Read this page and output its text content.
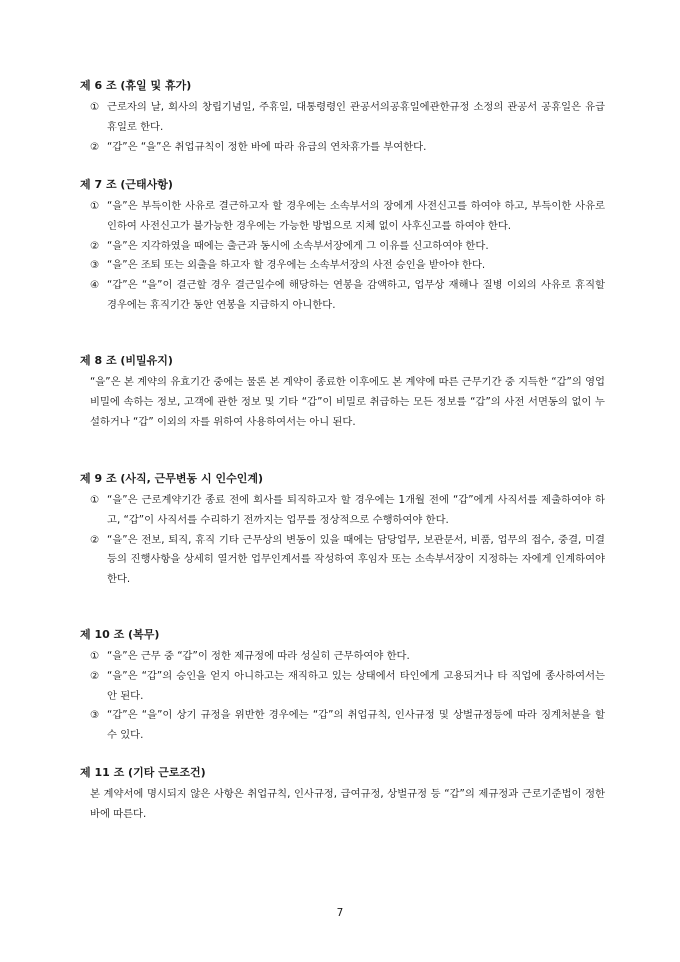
제 6 조 (휴일 및 휴가)
① 근로자의 날, 회사의 창립기념일, 주휴일, 대통령령인 관공서의공휴일에관한규정 소정의 관공서 공휴일은 유급휴일로 한다.
② “갑”은 “을”은 취업규칙이 정한 바에 따라 유급의 연차휴가를 부여한다.
제 7 조 (근태사항)
① “을”은 부득이한 사유로 결근하고자 할 경우에는 소속부서의 장에게 사전신고를 하여야 하고, 부득이한 사유로 인하여 사전신고가 불가능한 경우에는 가능한 방법으로 지체 없이 사후신고를 하여야 한다.
② “을”은 지각하였을 때에는 출근과 동시에 소속부서장에게 그 이유를 신고하여야 한다.
③ “을”은 조퇴 또는 외출을 하고자 할 경우에는 소속부서장의 사전 승인을 받아야 한다.
④ “갑”은 “을”이 결근할 경우 결근일수에 해당하는 연봉을 감액하고, 업무상 재해나 질병 이외의 사유로 휴직할 경우에는 휴직기간 동안 연봉을 지급하지 아니한다.
제 8 조 (비밀유지)
“을”은 본 계약의 유효기간 중에는 물론 본 계약이 종료한 이후에도 본 계약에 따른 근무기간 중 지득한 “갑”의 영업비밀에 속하는 정보, 고객에 관한 정보 및 기타 “갑”이 비밀로 취급하는 모든 정보를 “갑”의 사전 서면동의 없이 누설하거나 “갑” 이외의 자를 위하여 사용하여서는 아니 된다.
제 9 조 (사직, 근무변동 시 인수인계)
① “을”은 근로계약기간 종료 전에 회사를 퇴직하고자 할 경우에는 1개월 전에 “갑”에게 사직서를 제출하여야 하고, “갑”이 사직서를 수리하기 전까지는 업무를 정상적으로 수행하여야 한다.
② “을”은 전보, 퇴직, 휴직 기타 근무상의 변동이 있을 때에는 담당업무, 보관문서, 비품, 업무의 접수, 중결, 미결 등의 진행사항을 상세히 열거한 업무인계서를 작성하여 후임자 또는 소속부서장이 지정하는 자에게 인계하여야 한다.
제 10 조 (복무)
① “을”은 근무 중 “갑”이 정한 제규정에 따라 성실히 근무하여야 한다.
② “을”은 “갑”의 승인을 얻지 아니하고는 재직하고 있는 상태에서 타인에게 고용되거나 타 직업에 종사하여서는 안 된다.
③ “갑”은 “을”이 상기 규정을 위반한 경우에는 “갑”의 취업규칙, 인사규정 및 상벌규정등에 따라 징계처분을 할 수 있다.
제 11 조 (기타 근로조건)
본 계약서에 명시되지 않은 사항은 취업규칙, 인사규정, 급여규정, 상벌규정 등 “갑”의 제규정과 근로기준법이 정한 바에 따른다.
7
